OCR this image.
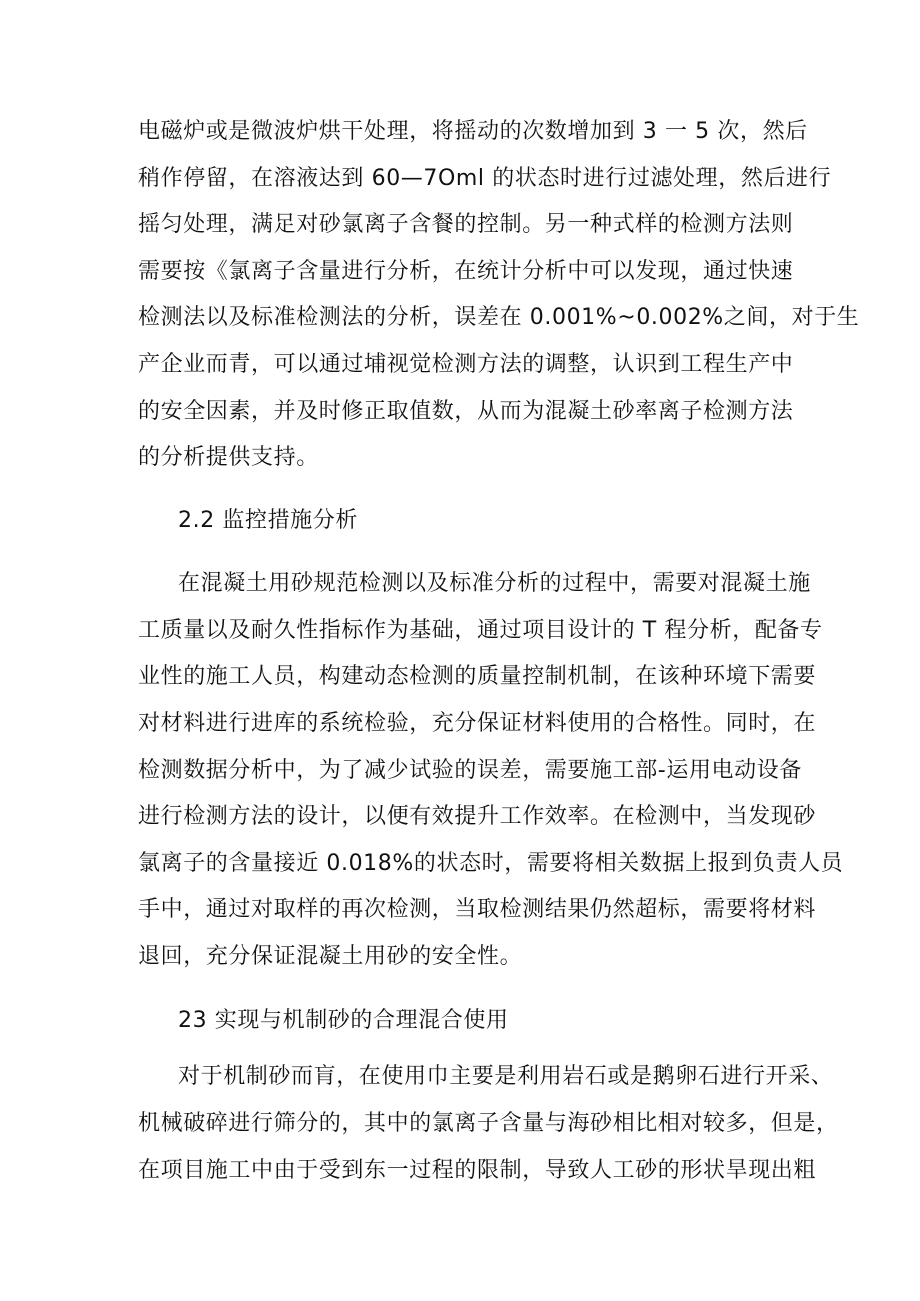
电磁炉或是微波炉烘干处理，将摇动的次数增加到 3 一 5 次，然后
稍作停留，在溶液达到 60—7Oml 的状态时进行过滤处理，然后进行
摇匀处理，满足对砂氯离子含餐的控制。另一种式样的检测方法则
需要按《氯离子含量进行分析，在统计分析中可以发现，通过快速
检测法以及标准检测法的分析，误差在 0.001%~0.002%之间，对于生
产企业而青，可以通过埔视觉检测方法的调整，认识到工程生产中
的安全因素，并及时修正取值数，从而为混凝土砂率离子检测方法
的分析提供支持。
2.2 监控措施分析
在混凝土用砂规范检测以及标准分析的过程中，需要对混凝土施
工质量以及耐久性指标作为基础，通过项目设计的 T 程分析，配备专
业性的施工人员，构建动态检测的质量控制机制，在该种环境下需要
对材料进行进库的系统检验，充分保证材料使用的合格性。同时，在
检测数据分析中，为了减少试验的误差，需要施工部-运用电动设备
进行检测方法的设计，以便有效提升工作效率。在检测中，当发现砂
氯离子的含量接近 0.018%的状态时，需要将相关数据上报到负责人员
手中，通过对取样的再次检测，当取检测结果仍然超标，需要将材料
退回，充分保证混凝土用砂的安全性。
23 实现与机制砂的合理混合使用
对于机制砂而肓，在使用巾主要是利用岩石或是鹅卵石进行开采、
机械破碎进行筛分的，其中的氯离子含量与海砂相比相对较多，但是，
在项目施工中由于受到东一过程的限制，导致人工砂的形状旱现出粗
